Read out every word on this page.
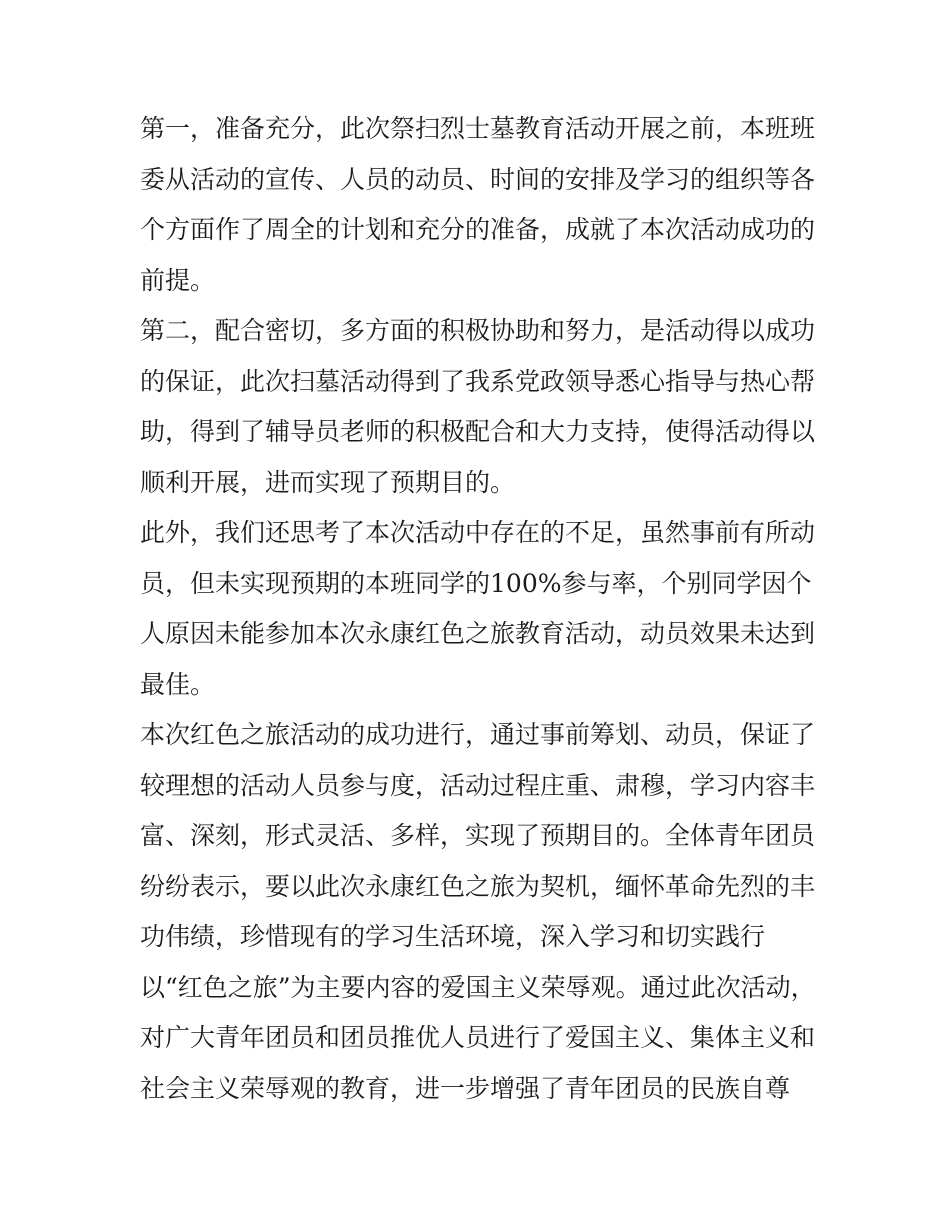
第一，准备充分，此次祭扫烈士墓教育活动开展之前，本班班
委从活动的宣传、人员的动员、时间的安排及学习的组织等各
个方面作了周全的计划和充分的准备，成就了本次活动成功的
前提。
第二，配合密切，多方面的积极协助和努力，是活动得以成功
的保证，此次扫墓活动得到了我系党政领导悉心指导与热心帮
助，得到了辅导员老师的积极配合和大力支持，使得活动得以
顺利开展，进而实现了预期目的。
此外，我们还思考了本次活动中存在的不足，虽然事前有所动
员，但未实现预期的本班同学的100%参与率，个别同学因个
人原因未能参加本次永康红色之旅教育活动，动员效果未达到
最佳。
本次红色之旅活动的成功进行，通过事前筹划、动员，保证了
较理想的活动人员参与度，活动过程庄重、肃穆，学习内容丰
富、深刻，形式灵活、多样，实现了预期目的。全体青年团员
纷纷表示，要以此次永康红色之旅为契机，缅怀革命先烈的丰
功伟绩，珍惜现有的学习生活环境，深入学习和切实践行
以“红色之旅”为主要内容的爱国主义荣辱观。通过此次活动，
对广大青年团员和团员推优人员进行了爱国主义、集体主义和
社会主义荣辱观的教育，进一步增强了青年团员的民族自尊
